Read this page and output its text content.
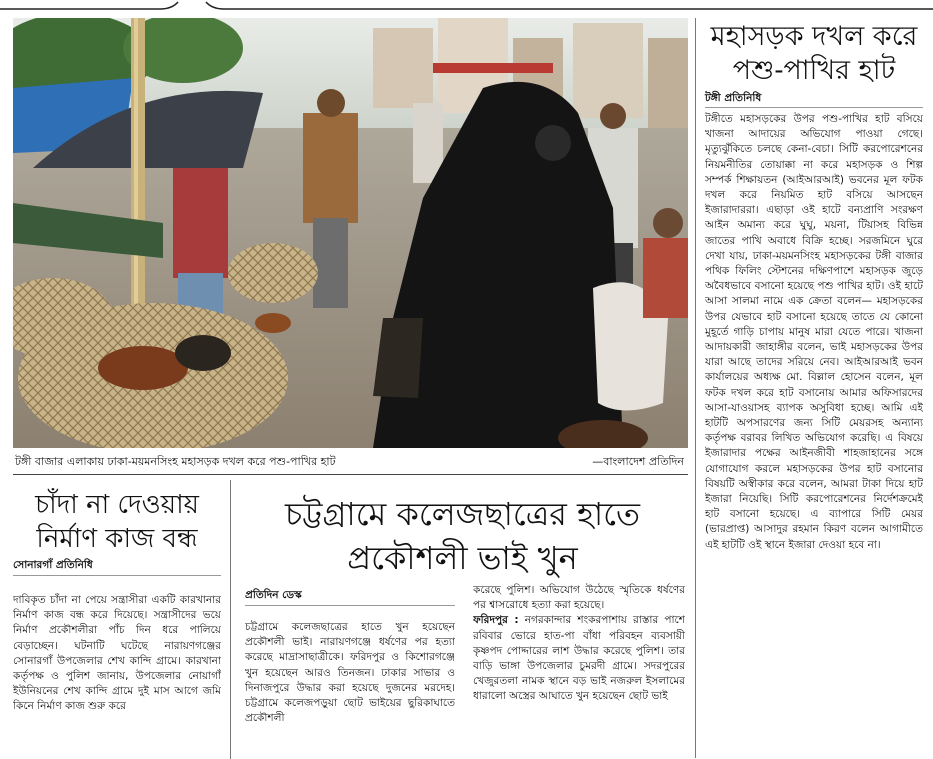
টঙ্গী বাজার এলাকায় ঢাকা-ময়মনসিংহ মহাসড়ক দখল করে পশু-পাখির হাট	—বাংলাদেশ প্রতিদিন
মহাসড়ক দখল করে
পশু-পাখির হাট
টঙ্গী প্রতিনিধি

টঙ্গীতে মহাসড়কের উপর পশু-পাখির হাট বসিয়ে খাজনা আদায়ের অভিযোগ পাওয়া গেছে। মৃত্যুঝুঁকিতে চলছে কেনা-বেচা। সিটি করপোরেশনের নিয়মনীতির তোয়াক্কা না করে মহাসড়ক ও শিল্প সম্পর্ক শিক্ষায়তন (আইআরআই) ভবনের মূল ফটক দখল করে নিয়মিত হাট বসিয়ে আসছেন ইজারাদাররা। এছাড়া ওই হাটে বন্যপ্রাণি সংরক্ষণ আইন অমান্য করে ঘুঘু, ময়না, টিয়াসহ বিভিন্ন জাতের পাখি অবাধে বিক্রি হচ্ছে। সরজমিনে ঘুরে দেখা যায়, ঢাকা-ময়মনসিংহ মহাসড়কের টঙ্গী বাজার পথিক ফিলিং স্টেশনের দক্ষিণপাশে মহাসড়ক জুড়ে অবৈধভাবে বসানো হয়েছে পশু পাখির হাট। ওই হাটে আসা সালমা নামে এক ক্রেতা বলেন— মহাসড়কের উপর যেভাবে হাট বসানো হয়েছে তাতে যে কোনো মুহূর্তে গাড়ি চাপায় মানুষ মারা যেতে পারে। খাজনা আদায়কারী জাহাঙ্গীর বলেন, ভাই মহাসড়কের উপর যারা আছে তাদের সরিয়ে নেব। আইআরআই ভবন কার্যালয়ের অধ্যক্ষ মো. বিল্লাল হোসেন বলেন, মূল ফটক দখল করে হাট বসানোয় আমার অফিসারদের আসা-যাওয়াসহ ব্যাপক অসুবিধা হচ্ছে। আমি এই হাটটি অপসারণের জন্য সিটি মেয়রসহ অন্যান্য কর্তৃপক্ষ বরাবর লিখিত অভিযোগ করেছি। এ বিষয়ে ইজারাদার পক্ষের আইনজীবী শাহজাহানের সঙ্গে যোগাযোগ করলে মহাসড়কের উপর হাট বসানোর বিষয়টি অস্বীকার করে বলেন, আমরা টাকা দিয়ে হাট ইজারা নিয়েছি। সিটি করপোরেশনের নির্দেশক্রমেই হাট বসানো হয়েছে। এ ব্যাপারে সিটি মেয়র (ভারপ্রাপ্ত) আসাদুর রহমান কিরণ বলেন আগামীতে এই হাটটি ওই স্থানে ইজারা দেওয়া হবে না।

চাঁদা না দেওয়ায়
নির্মাণ কাজ বন্ধ
সোনারগাঁ প্রতিনিধি

দাবিকৃত চাঁদা না পেয়ে সন্ত্রাসীরা একটি কারখানার নির্মাণ কাজ বন্ধ করে দিয়েছে। সন্ত্রাসীদের ভয়ে নির্মাণ প্রকৌশলীরা পাঁচ দিন ধরে পালিয়ে বেড়াচ্ছেন। ঘটনাটি ঘটেছে নারায়ণগঞ্জের সোনারগাঁ উপজেলার শেখ কান্দি গ্রামে। কারখানা কর্তৃপক্ষ ও পুলিশ জানায়, উপজেলার নোয়াগাঁ ইউনিয়নের শেখ কান্দি গ্রামে দুই মাস আগে জমি কিনে নির্মাণ কাজ শুরু করে

চট্টগ্রামে কলেজছাত্রের হাতে
প্রকৌশলী ভাই খুন
প্রতিদিন ডেস্ক

চট্টগ্রামে কলেজছাত্রের হাতে খুন হয়েছেন প্রকৌশলী ভাই। নারায়ণগঞ্জে ধর্ষণের পর হত্যা করেছে মাদ্রাসাছাত্রীকে। ফরিদপুর ও কিশোরগঞ্জে খুন হয়েছেন আরও তিনজন। ঢাকার সাভার ও দিনাজপুরে উদ্ধার করা হয়েছে দুজনের মরদেহ। চট্টগ্রামে কলেজপড়ুয়া ছোট ভাইয়ের ছুরিকাঘাতে প্রকৌশলী

করেছে পুলিশ। অভিযোগ উঠেছে স্মৃতিকে ধর্ষণের পর শ্বাসরোধে হত্যা করা হয়েছে।

ফরিদপুর : নগরকান্দার শংকরপাশায় রাস্তার পাশে রবিবার ভোরে হাত-পা বাঁধা পরিবহন ব্যবসায়ী কৃষ্ণপদ পোদ্দারের লাশ উদ্ধার করেছে পুলিশ। তার বাড়ি ভাঙ্গা উপজেলার চুমরদী গ্রামে। সদরপুরের খেজুরতলা নামক স্থানে বড় ভাই নজরুল ইসলামের ধারালো অস্ত্রের আঘাতে খুন হয়েছেন ছোট ভাই
